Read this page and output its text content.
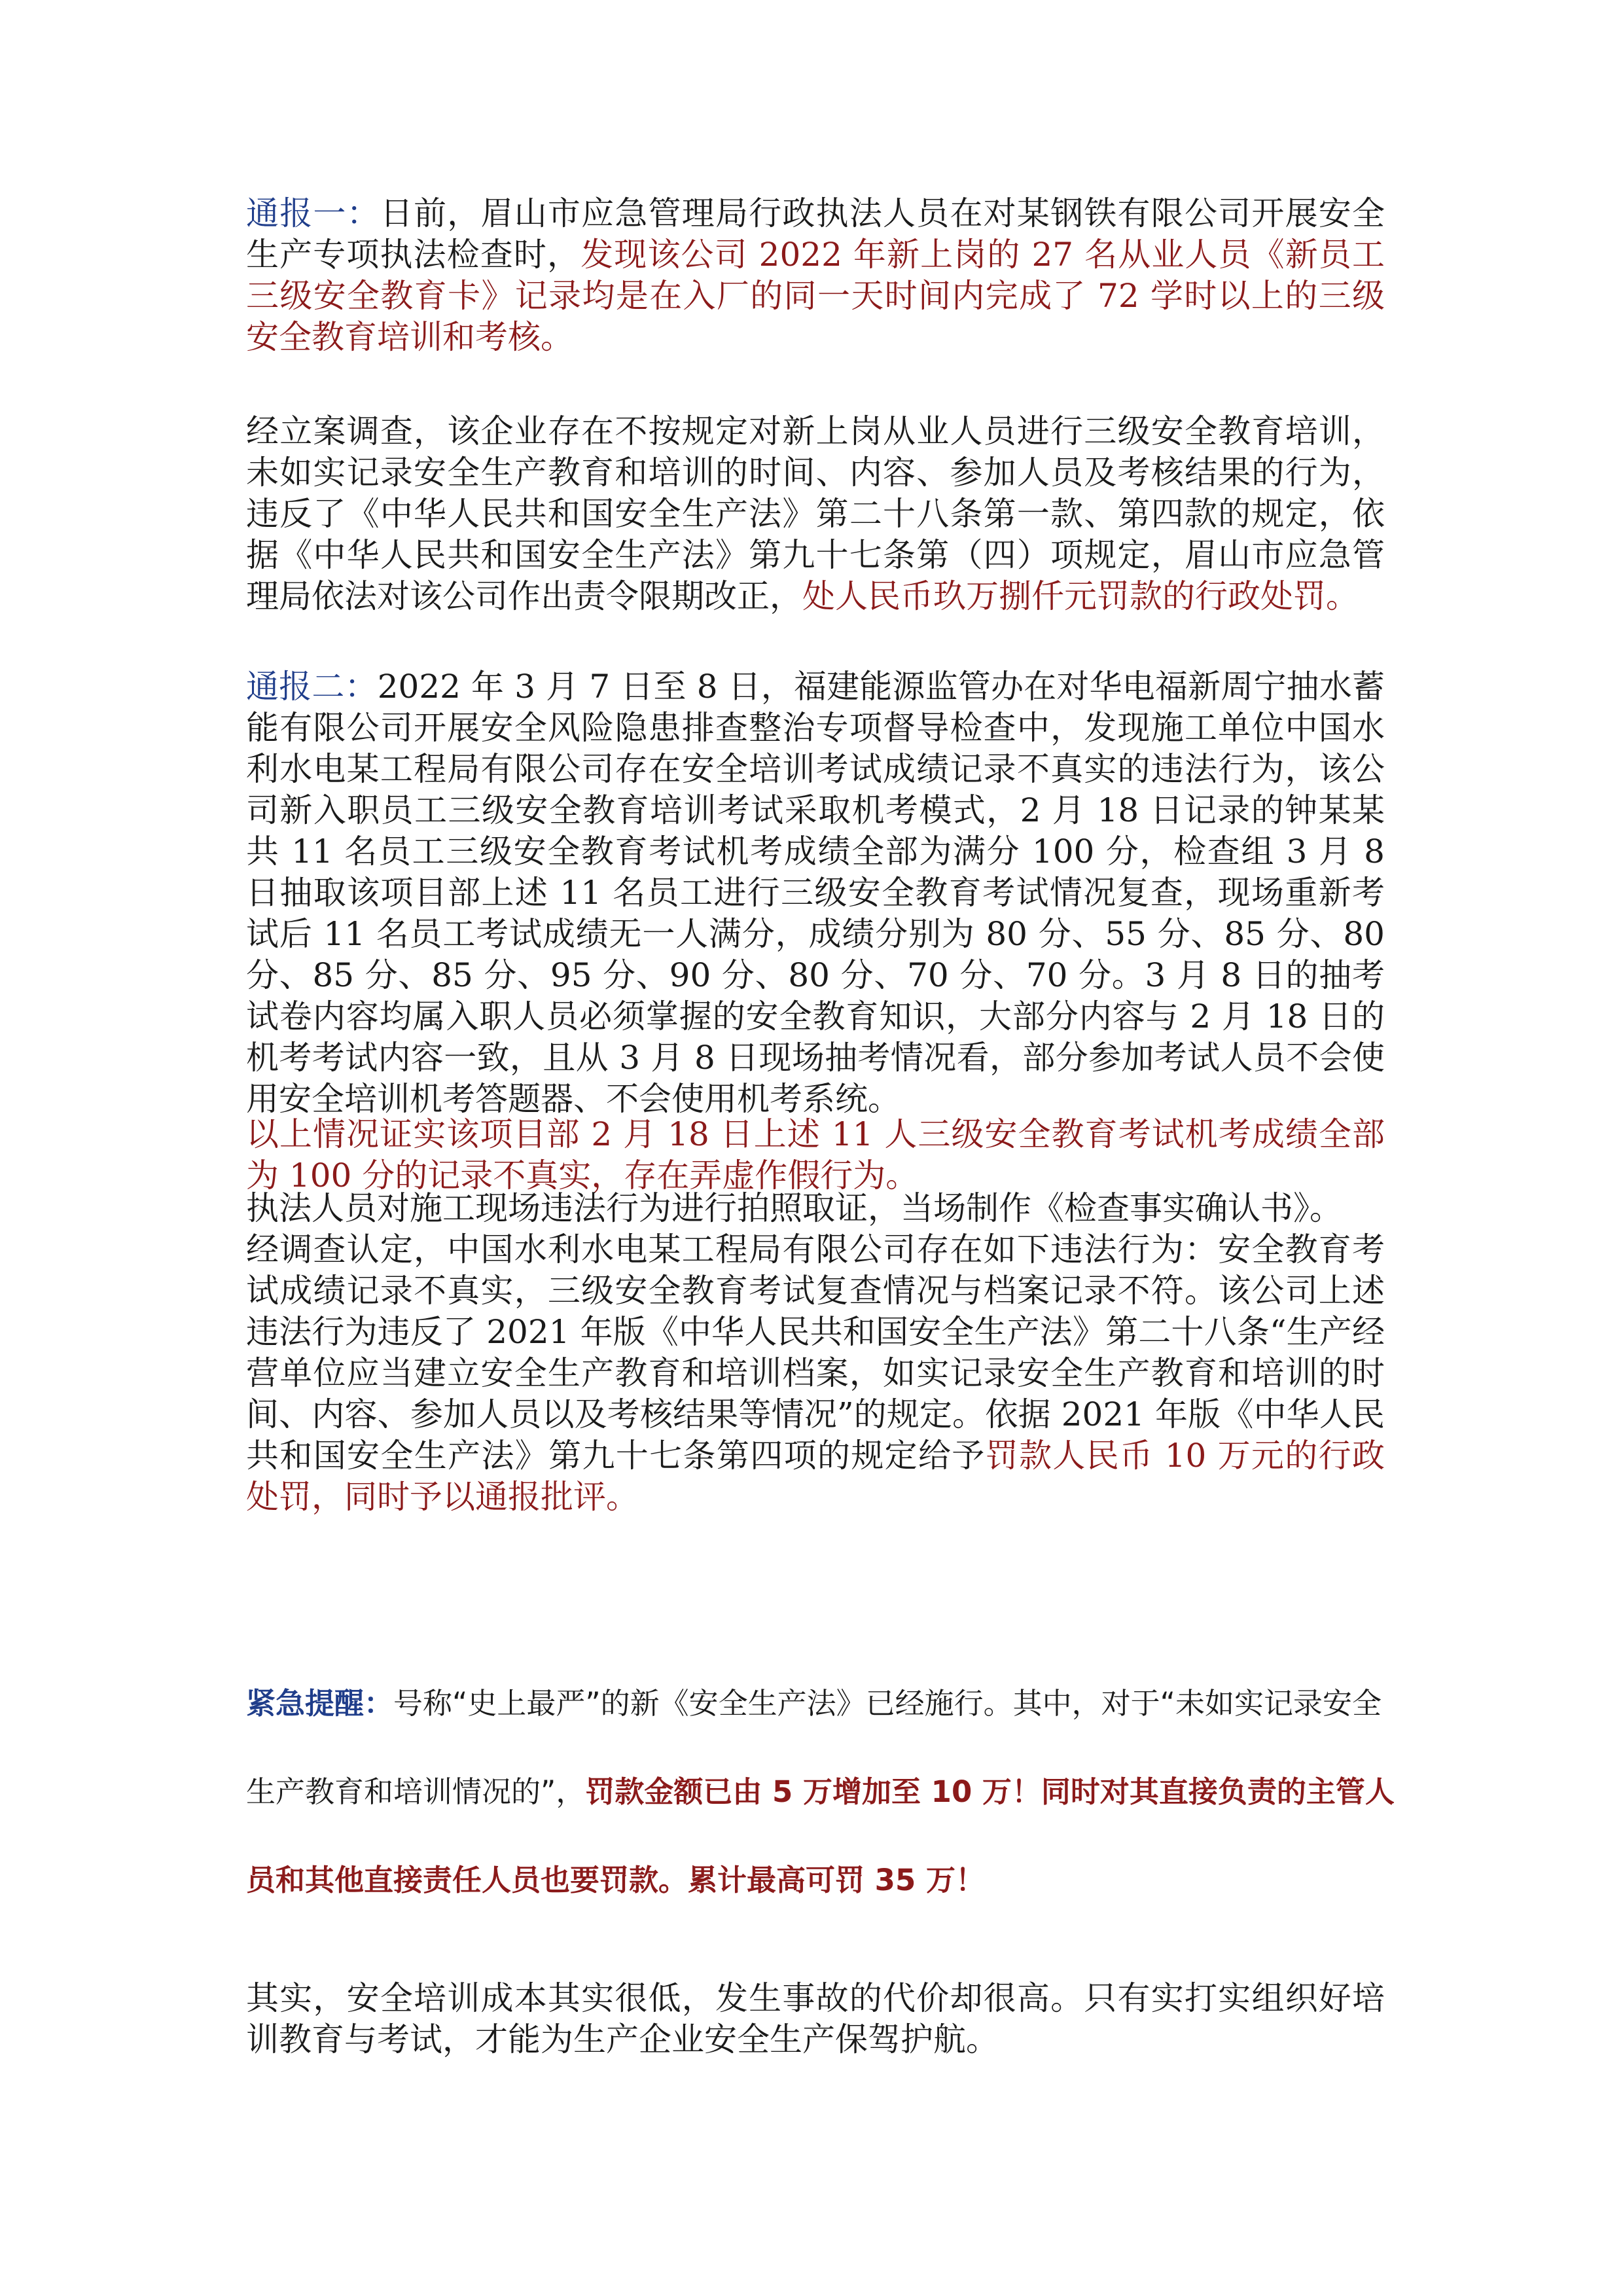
通报一：日前，眉山市应急管理局行政执法人员在对某钢铁有限公司开展安全生产专项执法检查时，发现该公司 2022 年新上岗的 27 名从业人员《新员工三级安全教育卡》记录均是在入厂的同一天时间内完成了 72 学时以上的三级安全教育培训和考核。
经立案调查，该企业存在不按规定对新上岗从业人员进行三级安全教育培训，未如实记录安全生产教育和培训的时间、内容、参加人员及考核结果的行为，违反了《中华人民共和国安全生产法》第二十八条第一款、第四款的规定，依据《中华人民共和国安全生产法》第九十七条第（四）项规定，眉山市应急管理局依法对该公司作出责令限期改正，处人民币玖万捌仟元罚款的行政处罚。
通报二：2022 年 3 月 7 日至 8 日，福建能源监管办在对华电福新周宁抽水蓄能有限公司开展安全风险隐患排查整治专项督导检查中，发现施工单位中国水利水电某工程局有限公司存在安全培训考试成绩记录不真实的违法行为，该公司新入职员工三级安全教育培训考试采取机考模式，2 月 18 日记录的钟某某共 11 名员工三级安全教育考试机考成绩全部为满分 100 分，检查组 3 月 8 日抽取该项目部上述 11 名员工进行三级安全教育考试情况复查，现场重新考试后 11 名员工考试成绩无一人满分，成绩分别为 80 分、55 分、85 分、80 分、85 分、85 分、95 分、90 分、80 分、70 分、70 分。3 月 8 日的抽考试卷内容均属入职人员必须掌握的安全教育知识，大部分内容与 2 月 18 日的机考考试内容一致，且从 3 月 8 日现场抽考情况看，部分参加考试人员不会使用安全培训机考答题器、不会使用机考系统。
以上情况证实该项目部 2 月 18 日上述 11 人三级安全教育考试机考成绩全部为 100 分的记录不真实，存在弄虚作假行为。
执法人员对施工现场违法行为进行拍照取证，当场制作《检查事实确认书》。
经调查认定，中国水利水电某工程局有限公司存在如下违法行为：安全教育考试成绩记录不真实，三级安全教育考试复查情况与档案记录不符。该公司上述违法行为违反了 2021 年版《中华人民共和国安全生产法》第二十八条“生产经营单位应当建立安全生产教育和培训档案，如实记录安全生产教育和培训的时间、内容、参加人员以及考核结果等情况”的规定。依据 2021 年版《中华人民共和国安全生产法》第九十七条第四项的规定给予罚款人民币 10 万元的行政处罚，同时予以通报批评。
紧急提醒：号称“史上最严”的新《安全生产法》已经施行。其中，对于“未如实记录安全生产教育和培训情况的”，罚款金额已由 5 万增加至 10 万！同时对其直接负责的主管人员和其他直接责任人员也要罚款。累计最高可罚 35 万！
其实，安全培训成本其实很低，发生事故的代价却很高。只有实打实组织好培训教育与考试，才能为生产企业安全生产保驾护航。
